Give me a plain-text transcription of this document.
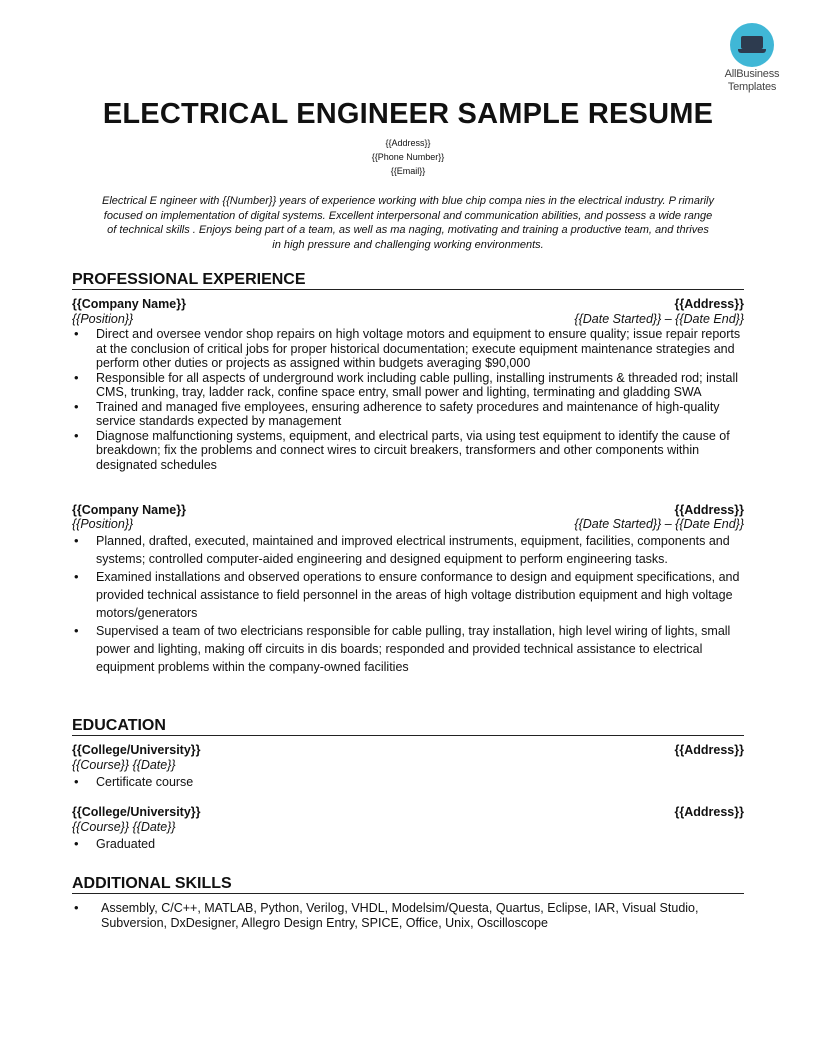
AllBusiness
Templates
ELECTRICAL ENGINEER SAMPLE RESUME
{{Address}}
{{Phone Number}}
{{Email}}
Electrical E ngineer with {{Number}} years of experience working with blue chip compa nies in the electrical industry. P rimarily
focused on implementation of digital systems. Excellent interpersonal and communication abilities, and possess a wide range
of technical skills . Enjoys being part of a team, as well as ma naging, motivating and training a productive team, and thrives
in high pressure and challenging working environments.
PROFESSIONAL EXPERIENCE
{{Company Name}}	{{Address}}
{{Position}}	{{Date Started}} – {{Date End}}
• Direct and oversee vendor shop repairs on high voltage motors and equipment to ensure quality; issue repair reports at the conclusion of critical jobs for proper historical documentation; execute equipment maintenance strategies and perform other duties or projects as assigned within budgets averaging $90,000
• Responsible for all aspects of underground work including cable pulling, installing instruments & threaded rod; install CMS, trunking, tray, ladder rack, confine space entry, small power and lighting, terminating and gladding SWA
• Trained and managed five employees, ensuring adherence to safety procedures and maintenance of high-quality service standards expected by management
• Diagnose malfunctioning systems, equipment, and electrical parts, via using test equipment to identify the cause of breakdown; fix the problems and connect wires to circuit breakers, transformers and other components within designated schedules
{{Company Name}}	{{Address}}
{{Position}}	{{Date Started}} – {{Date End}}
• Planned, drafted, executed, maintained and improved electrical instruments, equipment, facilities, components and systems; controlled computer-aided engineering and designed equipment to perform engineering tasks.
• Examined installations and observed operations to ensure conformance to design and equipment specifications, and provided technical assistance to field personnel in the areas of high voltage distribution equipment and high voltage motors/generators
• Supervised a team of two electricians responsible for cable pulling, tray installation, high level wiring of lights, small power and lighting, making off circuits in dis boards; responded and provided technical assistance to electrical equipment problems within the company-owned facilities
EDUCATION
{{College/University}}	{{Address}}
{{Course}} {{Date}}
• Certificate course
{{College/University}}	{{Address}}
{{Course}} {{Date}}
• Graduated
ADDITIONAL SKILLS
• Assembly, C/C++, MATLAB, Python, Verilog, VHDL, Modelsim/Questa, Quartus, Eclipse, IAR, Visual Studio, Subversion, DxDesigner, Allegro Design Entry, SPICE, Office, Unix, Oscilloscope
